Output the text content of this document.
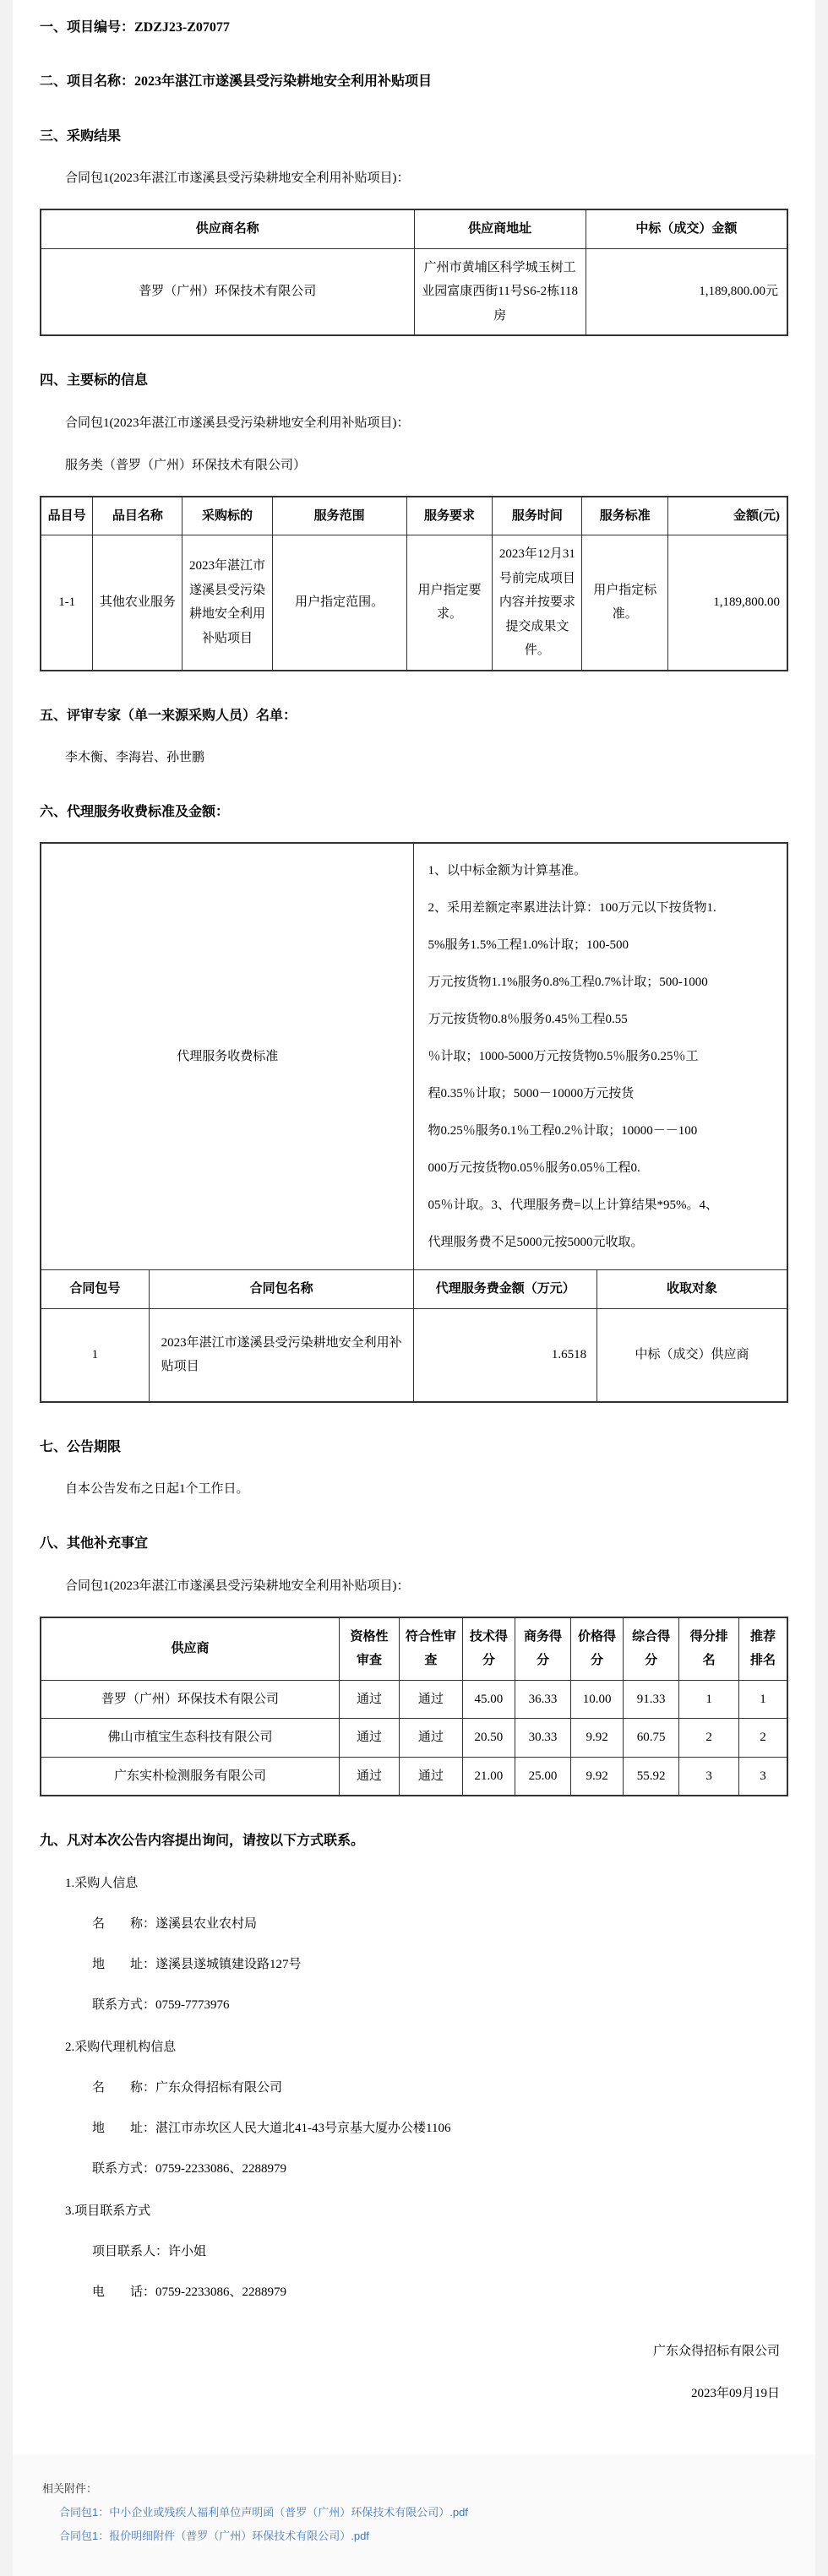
一、项目编号：ZDZJ23-Z07077
二、项目名称：2023年湛江市遂溪县受污染耕地安全利用补贴项目
三、采购结果

合同包1(2023年湛江市遂溪县受污染耕地安全利用补贴项目)：

供应商名称	供应商地址	中标（成交）金额
普罗（广州）环保技术有限公司	广州市黄埔区科学城玉树工业园富康西街11号S6-2栋118房	1,189,800.00元
四、主要标的信息

合同包1(2023年湛江市遂溪县受污染耕地安全利用补贴项目)：

服务类（普罗（广州）环保技术有限公司）

品目号	品目名称	采购标的	服务范围	服务要求	服务时间	服务标准	金额(元)
1-1	其他农业服务	2023年湛江市遂溪县受污染耕地安全利用补贴项目	用户指定范围。	用户指定要求。	2023年12月31号前完成项目内容并按要求提交成果文件。	用户指定标准。	1,189,800.00
五、评审专家（单一来源采购人员）名单：

李木衡、李海岩、孙世鹏

六、代理服务收费标准及金额：
代理服务收费标准	
1、以中标金额为计算基准。
2、采用差额定率累进法计算：100万元以下按货物1.
5%服务1.5%工程1.0%计取；100-500
万元按货物1.1%服务0.8%工程0.7%计取；500-1000
万元按货物0.8％服务0.45％工程0.55
％计取；1000-5000万元按货物0.5％服务0.25％工
程0.35％计取；5000－10000万元按货
物0.25％服务0.1％工程0.2％计取；10000－－100
000万元按货物0.05％服务0.05％工程0.
05％计取。3、代理服务费=以上计算结果*95%。4、
代理服务费不足5000元按5000元收取。

合同包号	合同包名称	代理服务费金额（万元）	收取对象
1	2023年湛江市遂溪县受污染耕地安全利用补贴项目	1.6518	中标（成交）供应商
七、公告期限

自本公告发布之日起1个工作日。

八、其他补充事宜

合同包1(2023年湛江市遂溪县受污染耕地安全利用补贴项目)：

供应商	资格性审查	符合性审查	技术得分	商务得分	价格得分	综合得分	得分排名	推荐排名
普罗（广州）环保技术有限公司	通过	通过	45.00	36.33	10.00	91.33	1	1
佛山市植宝生态科技有限公司	通过	通过	20.50	30.33	9.92	60.75	2	2
广东实朴检测服务有限公司	通过	通过	21.00	25.00	9.92	55.92	3	3
九、凡对本次公告内容提出询问，请按以下方式联系。

1.采购人信息

名　　称：遂溪县农业农村局

地　　址：遂溪县遂城镇建设路127号

联系方式：0759-7773976

2.采购代理机构信息

名　　称：广东众得招标有限公司

地　　址：湛江市赤坎区人民大道北41-43号京基大厦办公楼1106

联系方式：0759-2233086、2288979

3.项目联系方式

项目联系人：许小姐

电　　话：0759-2233086、2288979

广东众得招标有限公司
2023年09月19日

相关附件：

合同包1：中小企业或残疾人福利单位声明函（普罗（广州）环保技术有限公司）.pdf
合同包1：报价明细附件（普罗（广州）环保技术有限公司）.pdf
